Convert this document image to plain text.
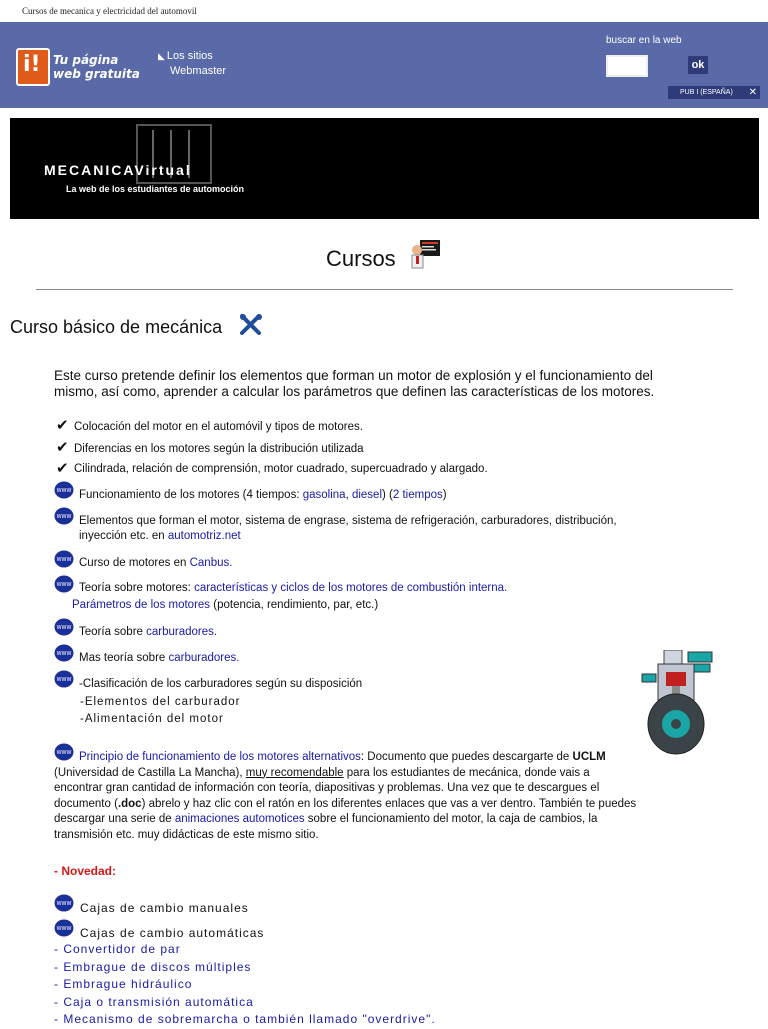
Cursos de mecanica y electricidad del automovil
i! Tu página
web gratuita
◣ Los sitios
Webmaster
buscar en la web
ok
PUB I (ESPAÑA) ✕
MECANICAVirtual
La web de los estudiantes de automoción
Cursos
Curso básico de mecánica
Este curso pretende definir los elementos que forman un motor de explosión y el funcionamiento del mismo, así como, aprender a calcular los parámetros que definen las características de los motores.
✔ Colocación del motor en el automóvil y tipos de motores.
✔ Diferencias en los motores según la distribución utilizada
✔ Cilindrada, relación de comprensión, motor cuadrado, supercuadrado y alargado.
WWW Funcionamiento de los motores (4 tiempos: gasolina, diesel) (2 tiempos)
WWW Elementos que forman el motor, sistema de engrase, sistema de refrigeración, carburadores, distribución, inyección etc. en automotriz.net
WWW Curso de motores en Canbus.
WWW Teoría sobre motores: características y ciclos de los motores de combustión interna.
Parámetros de los motores (potencia, rendimiento, par, etc.)
WWW Teoría sobre carburadores.
WWW Mas teoría sobre carburadores.
WWW -Clasificación de los carburadores según su disposición
-Elementos del carburador
-Alimentación del motor
WWW Principio de funcionamiento de los motores alternativos: Documento que puedes descargarte de UCLM (Universidad de Castilla La Mancha), muy recomendable para los estudiantes de mecánica, donde vais a encontrar gran cantidad de información con teoría, diapositivas y problemas. Una vez que te descargues el documento (.doc) abrelo y haz clic con el ratón en los diferentes enlaces que vas a ver dentro. También te puedes descargar una serie de animaciones automotices sobre el funcionamiento del motor, la caja de cambios, la transmisión etc. muy didácticas de este mismo sitio.
- Novedad:
WWW Cajas de cambio manuales
WWW Cajas de cambio automáticas
- Convertidor de par
- Embrague de discos múltiples
- Embrague hidráulico
- Caja o transmisión automática
- Mecanismo de sobremarcha o también llamado "overdrive".
